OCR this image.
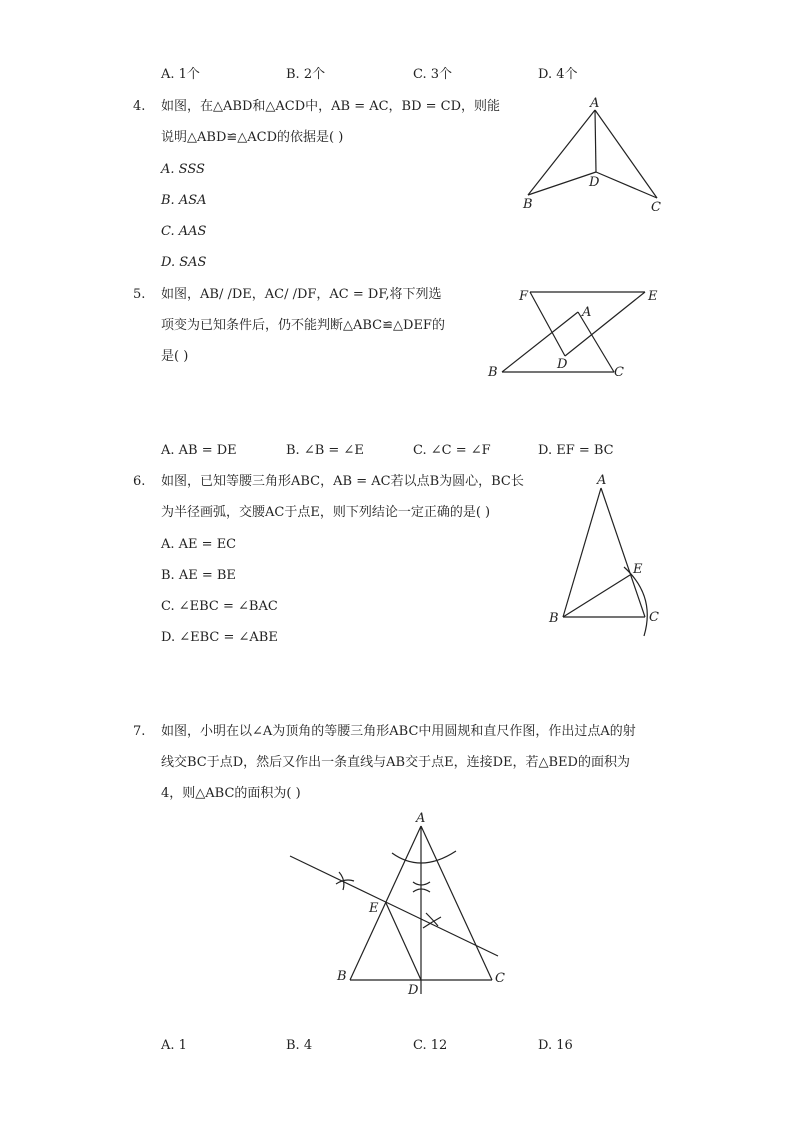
A. 1个	B. 2个	C. 3个	D. 4个
4. 如图，在△ABD和△ACD中，AB = AC，BD = CD，则能
说明△ABD≌△ACD的依据是( )
A. SSS
B. ASA
C. AAS
D. SAS
A
B	C
D
5. 如图，AB/ /DE，AC/ /DF，AC = DF,将下列选
项变为已知条件后，仍不能判断△ABC≌△DEF的
是( )
A. AB = DE	B. ∠B = ∠E	C. ∠C = ∠F	D. EF = BC
F	E
A
D
B	C
6. 如图，已知等腰三角形ABC，AB = AC若以点B为圆心，BC长
为半径画弧，交腰AC于点E，则下列结论一定正确的是( )
A. AE = EC
B. AE = BE
C. ∠EBC = ∠BAC
D. ∠EBC = ∠ABE
A
E
B	C
7. 如图，小明在以∠A为顶角的等腰三角形ABC中用圆规和直尺作图，作出过点A的射
线交BC于点D，然后又作出一条直线与AB交于点E，连接DE，若△BED的面积为
4，则△ABC的面积为( )
A
E
B
D
C
A. 1	B. 4	C. 12	D. 16
